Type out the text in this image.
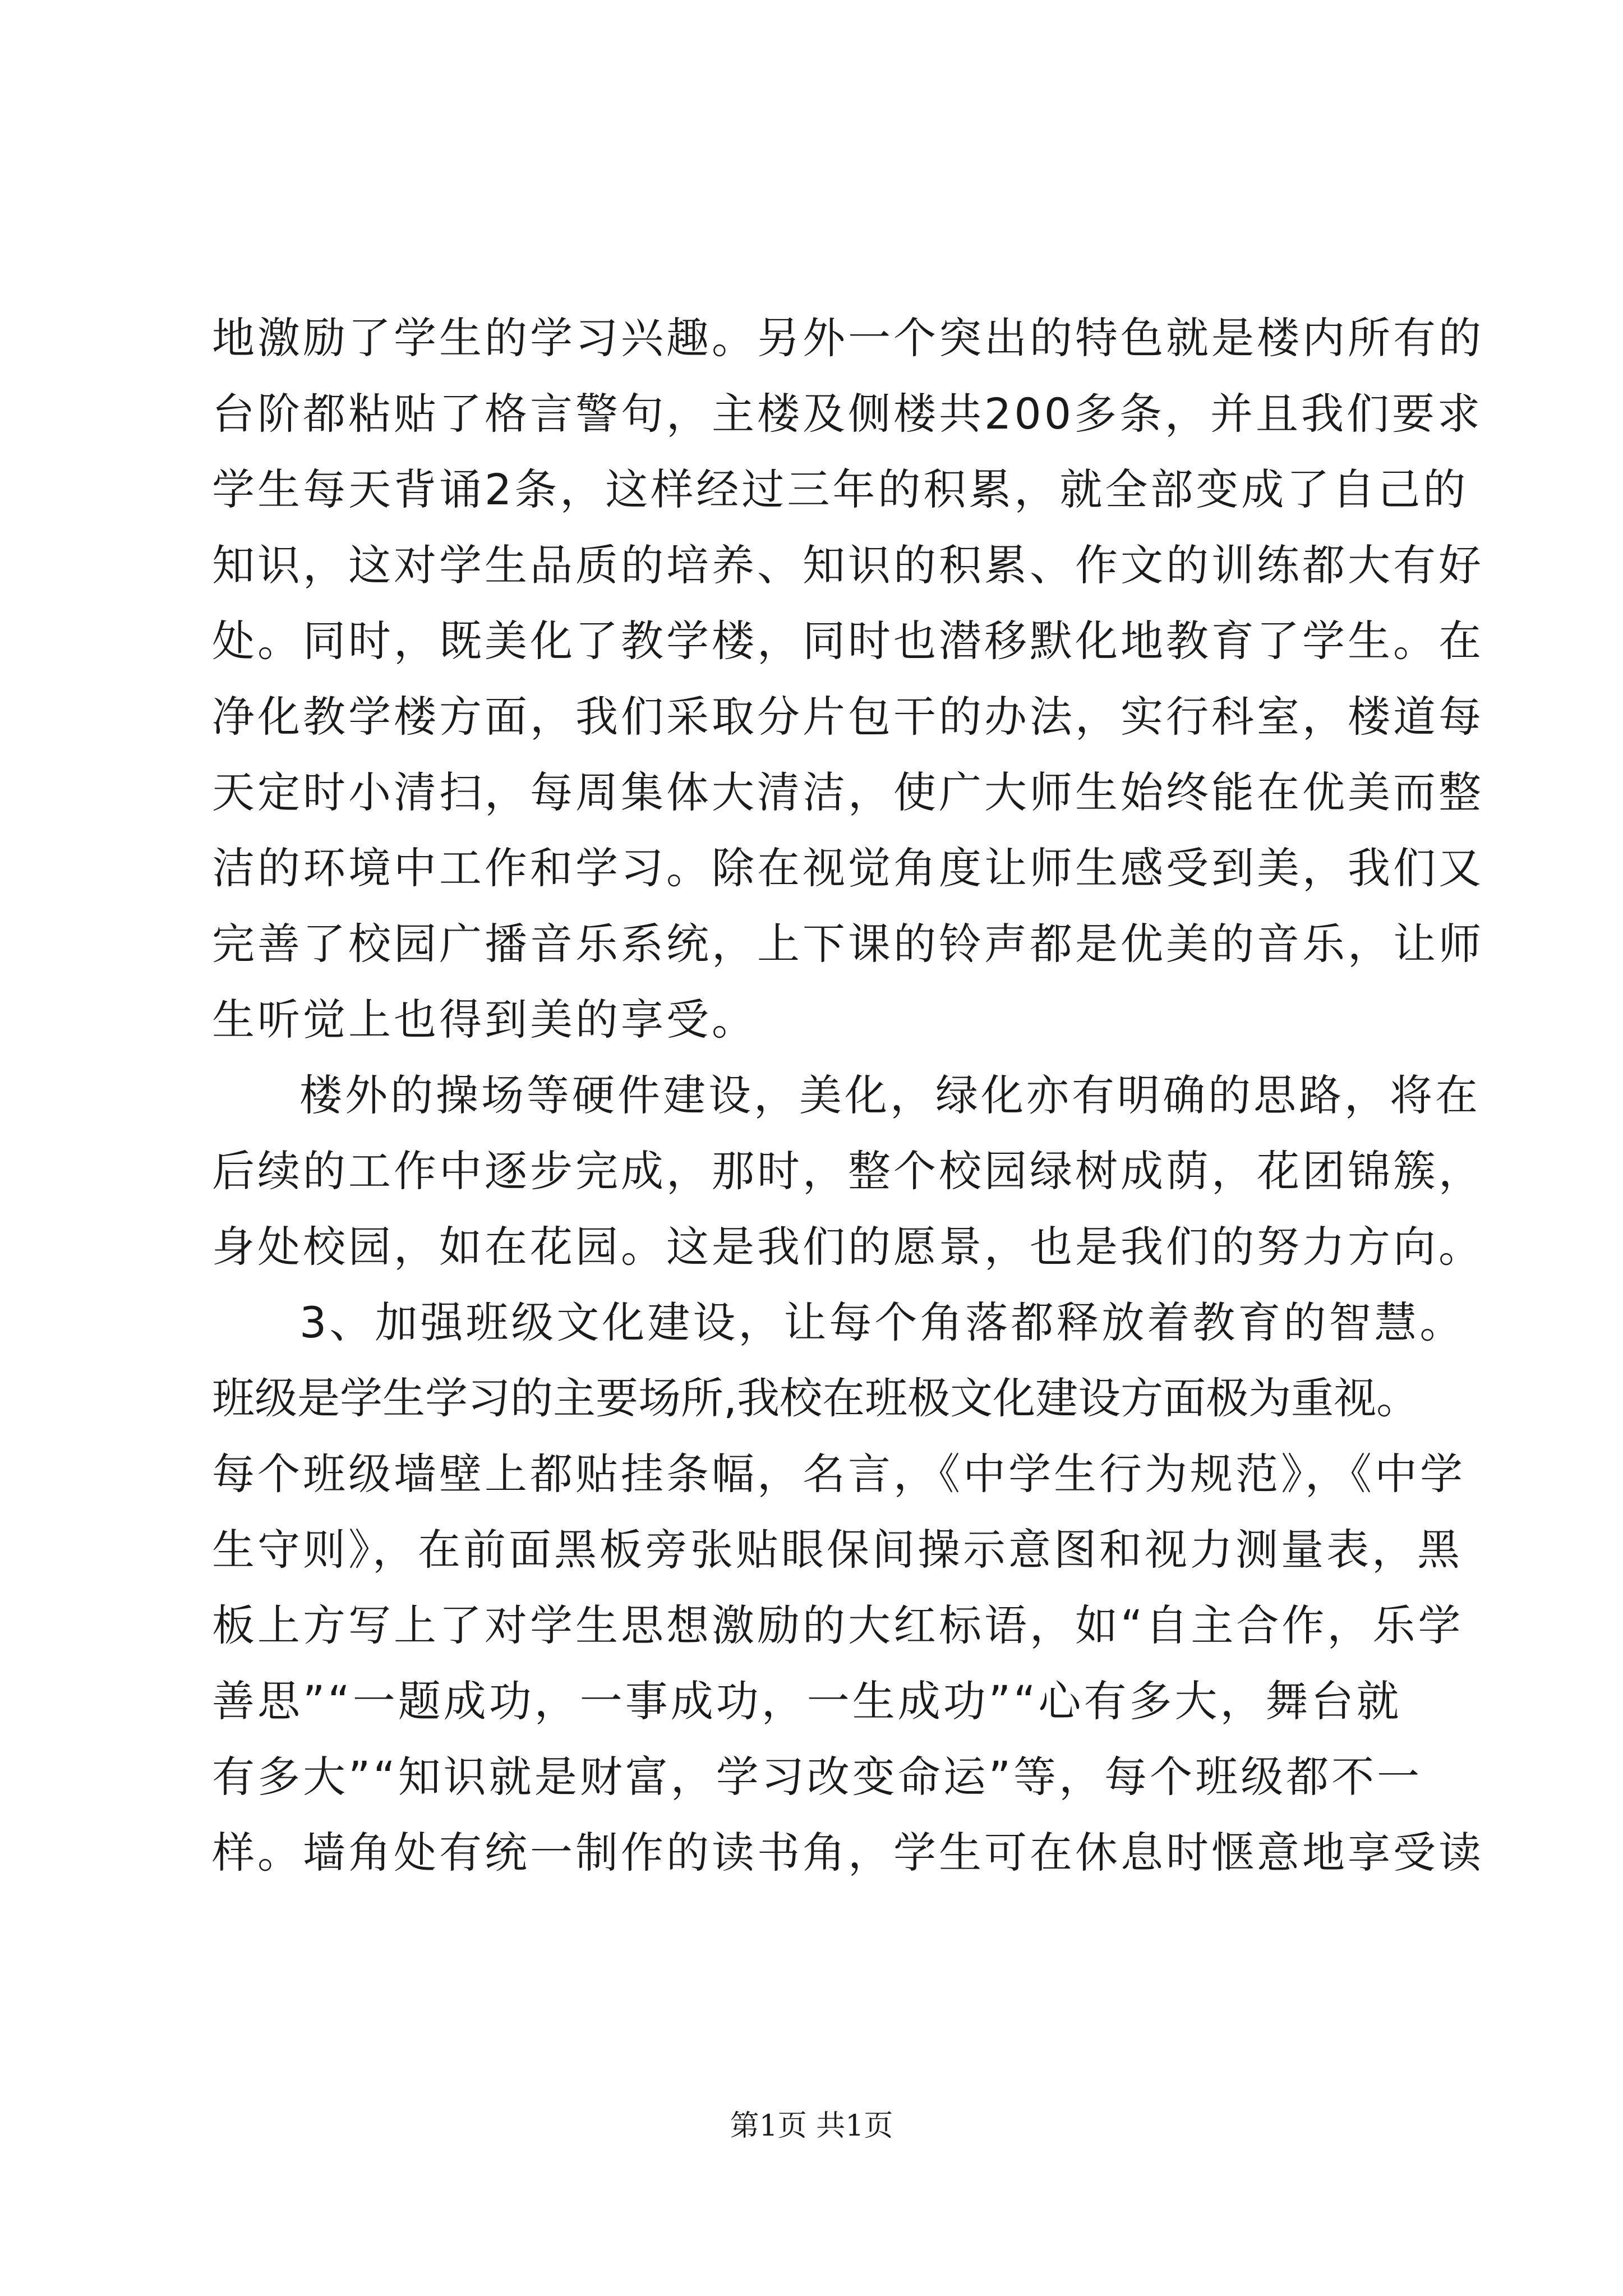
地激励了学生的学习兴趣。另外一个突出的特色就是楼内所有的
台阶都粘贴了格言警句，主楼及侧楼共200多条，并且我们要求
学生每天背诵2条，这样经过三年的积累，就全部变成了自己的
知识，这对学生品质的培养、知识的积累、作文的训练都大有好
处。同时，既美化了教学楼，同时也潜移默化地教育了学生。在
净化教学楼方面，我们采取分片包干的办法，实行科室，楼道每
天定时小清扫，每周集体大清洁，使广大师生始终能在优美而整
洁的环境中工作和学习。除在视觉角度让师生感受到美，我们又
完善了校园广播音乐系统，上下课的铃声都是优美的音乐，让师
生听觉上也得到美的享受。
楼外的操场等硬件建设，美化，绿化亦有明确的思路，将在
后续的工作中逐步完成，那时，整个校园绿树成荫，花团锦簇，
身处校园，如在花园。这是我们的愿景，也是我们的努力方向。
3、加强班级文化建设，让每个角落都释放着教育的智慧。
班级是学生学习的主要场所,我校在班极文化建设方面极为重视。
每个班级墙壁上都贴挂条幅，名言，《中学生行为规范》，《中学
生守则》，在前面黑板旁张贴眼保间操示意图和视力测量表，黑
板上方写上了对学生思想激励的大红标语，如“自主合作，乐学
善思”“一题成功，一事成功，一生成功”“心有多大，舞台就
有多大”“知识就是财富，学习改变命运”等，每个班级都不一
样。墙角处有统一制作的读书角，学生可在休息时惬意地享受读
第1页 共1页
